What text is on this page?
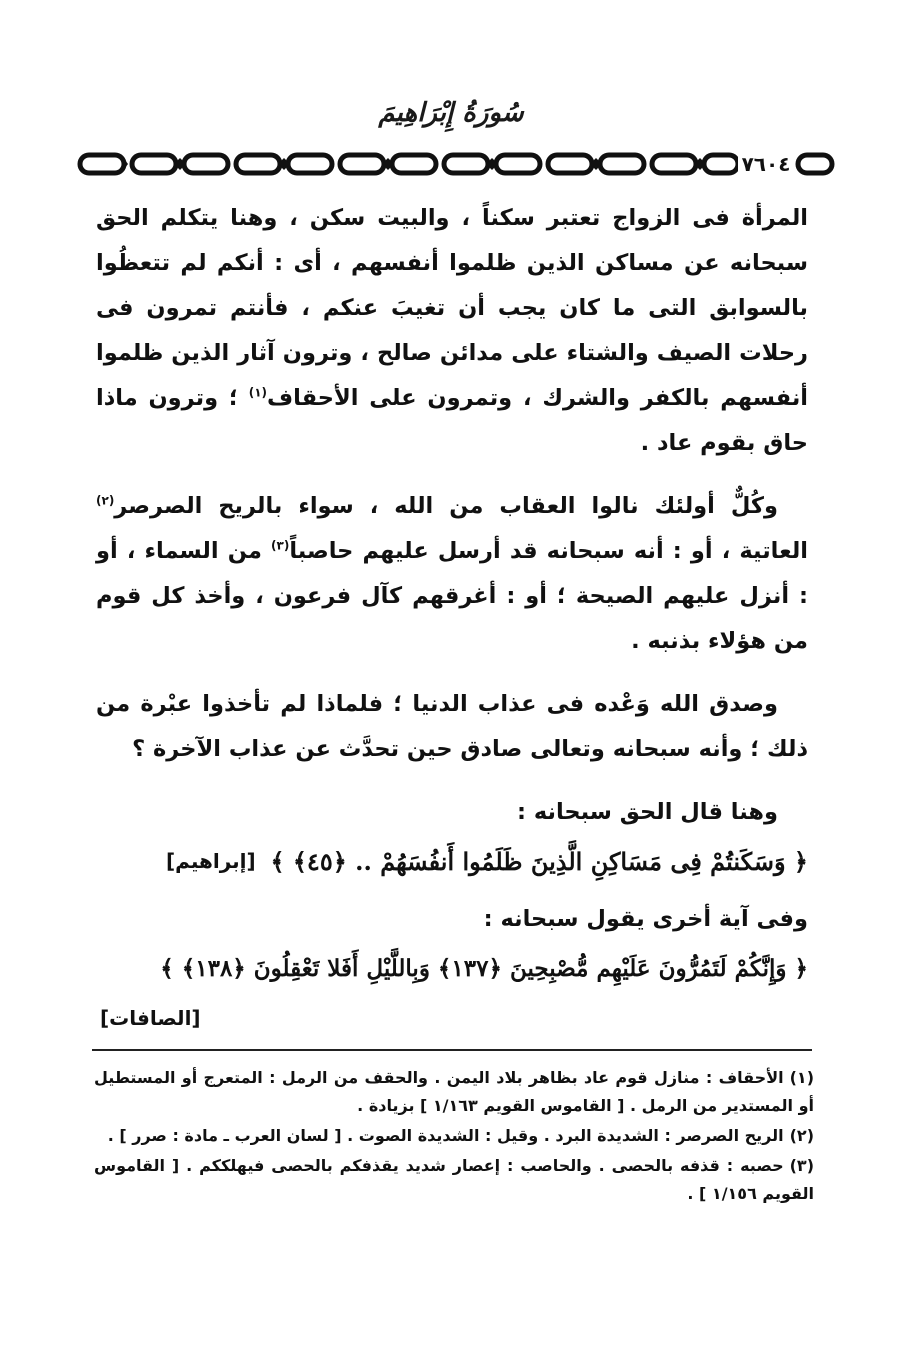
سُورَةُ إِبْرَاهِيمَ
٧٦٠٤

المرأة فى الزواج تعتبر سكناً ، والبيت سكن ، وهنا يتكلم الحق سبحانه عن مساكن الذين ظلموا أنفسهم ، أى : أنكم لم تتعظُوا بالسوابق التى ما كان يجب أن تغيبَ عنكم ، فأنتم تمرون فى رحلات الصيف والشتاء على مدائن صالح ، وترون آثار الذين ظلموا أنفسهم بالكفر والشرك ، وتمرون على الأحقاف$^{(١)}$ ؛ وترون ماذا حاق بقوم عاد .

وكُلٌّ أولئك نالوا العقاب من الله ، سواء بالريح الصرصر$^{(٢)}$ العاتية ، أو : أنه سبحانه قد أرسل عليهم حاصباً$^{(٣)}$ من السماء ، أو : أنزل عليهم الصيحة ؛ أو : أغرقهم كآل فرعون ، وأخذ كل قوم من هؤلاء بذنبه .

وصدق الله وَعْده فى عذاب الدنيا ؛ فلماذا لم تأخذوا عبْرة من ذلك ؛ وأنه سبحانه وتعالى صادق حين تحدَّث عن عذاب الآخرة ؟

وهنا قال الحق سبحانه :

﴿ وَسَكَنتُمْ فِى مَسَاكِنِ الَّذِينَ ظَلَمُوا أَنفُسَهُمْ .. ﴿٤٥﴾ ﴾
[إبراهيم]

وفى آية أخرى يقول سبحانه :

﴿ وَإِنَّكُمْ لَتَمُرُّونَ عَلَيْهِم مُّصْبِحِينَ ﴿١٣٧﴾ وَبِاللَّيْلِ أَفَلا تَعْقِلُونَ ﴿١٣٨﴾ ﴾
[الصافات]

(١)الأحقاف : منازل قوم عاد بظاهر بلاد اليمن . والحقف من الرمل : المتعرج أو المستطيل أو المستدير من الرمل . [ القاموس القويم ١/١٦٣ ] بزيادة .

(٢)الريح الصرصر : الشديدة البرد . وقيل : الشديدة الصوت . [ لسان العرب ـ مادة : صرر ] .

(٣)حصبه : قذفه بالحصى . والحاصب : إعصار شديد يقذفكم بالحصى فيهلككم . [ القاموس القويم ١/١٥٦ ] .
